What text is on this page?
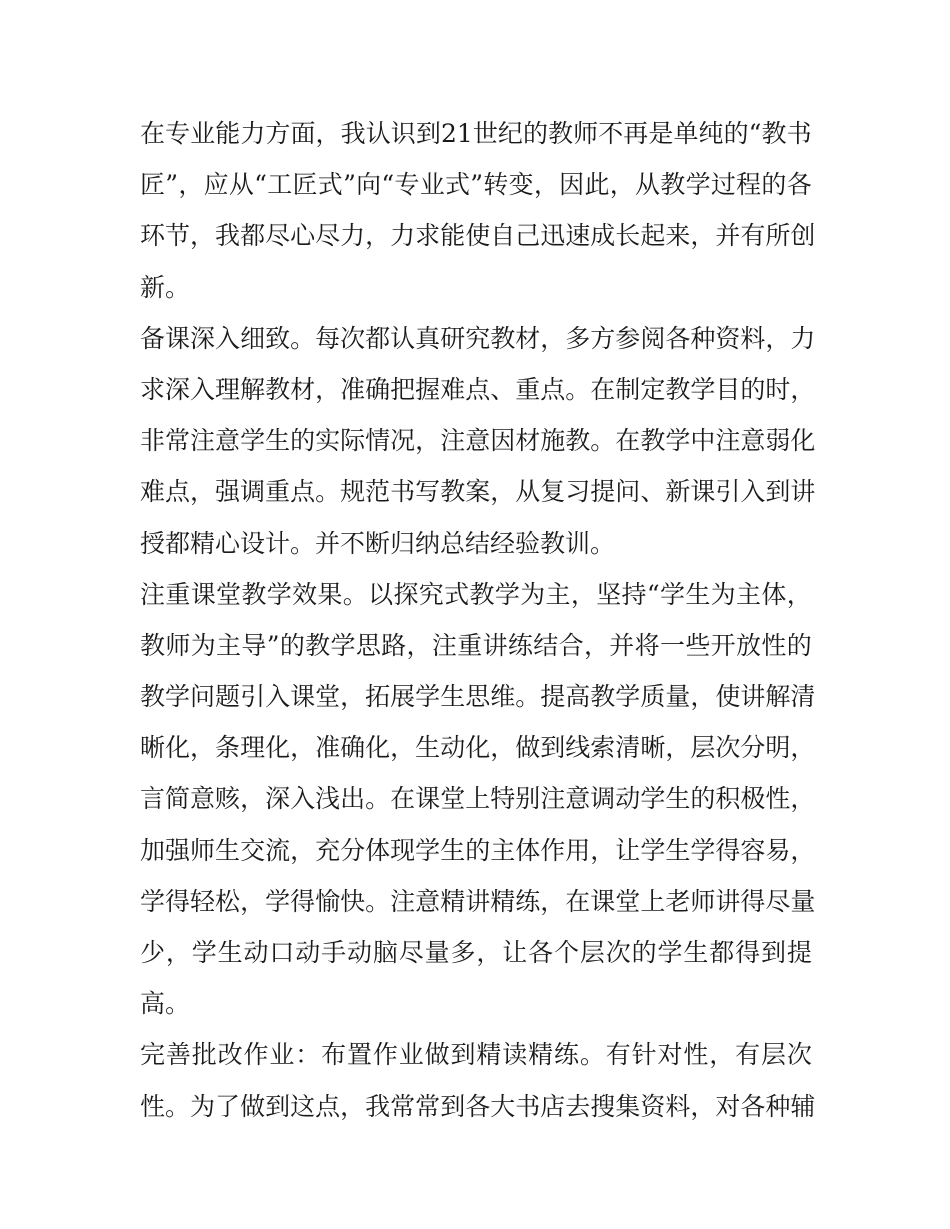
在 专 业 能 力 方 面 ， 我 认 识 到 21 世 纪 的 教 师 不 再 是 单 纯 的 “ 教 书
匠 ” ， 应 从 “ 工 匠 式 ” 向 “ 专 业 式 ” 转 变 ， 因 此 ， 从 教 学 过 程 的 各
环 节 ， 我 都 尽 心 尽 力 ， 力 求 能 使 自 己 迅 速 成 长 起 来 ， 并 有 所 创
新。
备 课 深 入 细 致 。 每 次 都 认 真 研 究 教 材 ， 多 方 参 阅 各 种 资 料 ， 力
求 深 入 理 解 教 材 ， 准 确 把 握 难 点 、 重 点 。 在 制 定 教 学 目 的 时 ，
非 常 注 意 学 生 的 实 际 情 况 ， 注 意 因 材 施 教 。 在 教 学 中 注 意 弱 化
难 点 ， 强 调 重 点 。 规 范 书 写 教 案 ， 从 复 习 提 问 、 新 课 引 入 到 讲
授都精心设计。并不断归纳总结经验教训。
注 重 课 堂 教 学 效 果 。 以 探 究 式 教 学 为 主 ， 坚 持 “ 学 生 为 主 体 ，
教 师 为 主 导 ” 的 教 学 思 路 ， 注 重 讲 练 结 合 ， 并 将 一 些 开 放 性 的
教 学 问 题 引 入 课 堂 ， 拓 展 学 生 思 维 。 提 高 教 学 质 量 ， 使 讲 解 清
晰 化 ， 条 理 化 ， 准 确 化 ， 生 动 化 ， 做 到 线 索 清 晰 ， 层 次 分 明 ，
言 简 意 赅 ， 深 入 浅 出 。 在 课 堂 上 特 别 注 意 调 动 学 生 的 积 极 性 ，
加 强 师 生 交 流 ， 充 分 体 现 学 生 的 主 体 作 用 ， 让 学 生 学 得 容 易 ，
学 得 轻 松 ， 学 得 愉 快 。 注 意 精 讲 精 练 ， 在 课 堂 上 老 师 讲 得 尽 量
少 ， 学 生 动 口 动 手 动 脑 尽 量 多 ， 让 各 个 层 次 的 学 生 都 得 到 提
高。
完 善 批 改 作 业 ： 布 置 作 业 做 到 精 读 精 练 。 有 针 对 性 ， 有 层 次
性 。 为 了 做 到 这 点 ， 我 常 常 到 各 大 书 店 去 搜 集 资 料 ， 对 各 种 辅
